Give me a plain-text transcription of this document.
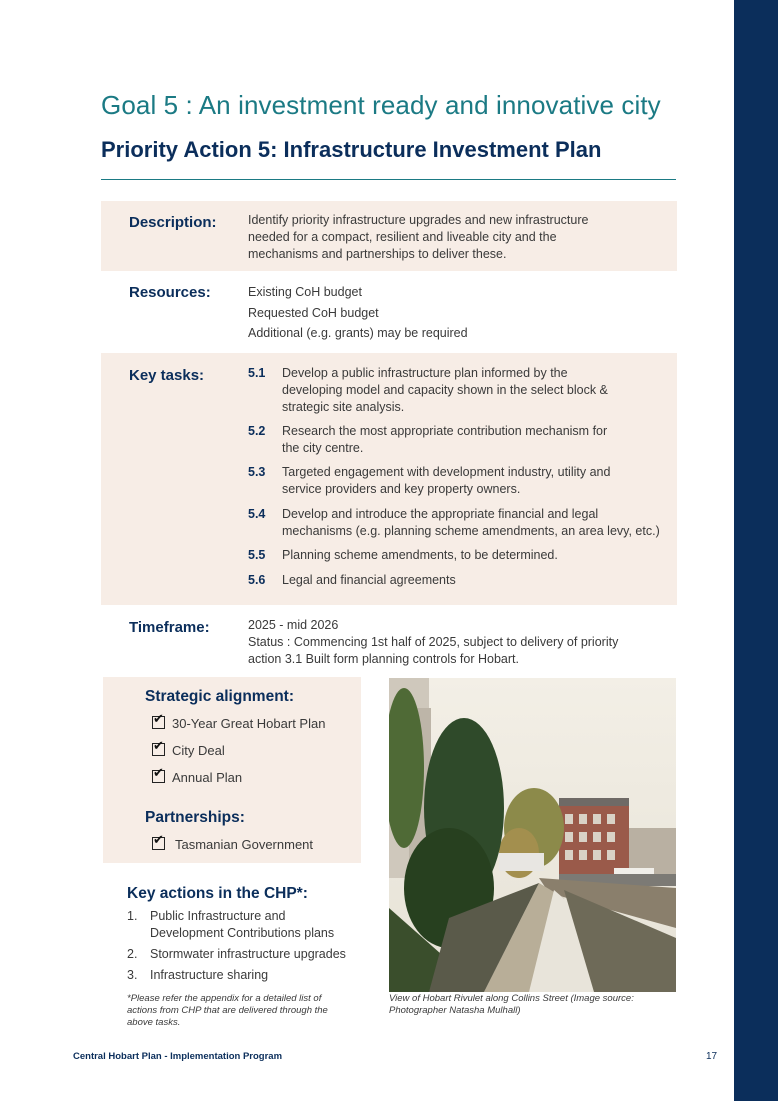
Goal 5 : An investment ready and innovative city
Priority Action 5: Infrastructure Investment Plan
Description:	Identify priority infrastructure upgrades and new infrastructure

needed for a compact, resilient and liveable city and the

mechanisms and partnerships to deliver these.

Resources:	Existing CoH budget

Requested CoH budget

Additional (e.g. grants) may be required

Key tasks:	5.1 Develop a public infrastructure plan informed by the

developing model and capacity shown in the select block &

strategic site analysis.

5.2 Research the most appropriate contribution mechanism for

the city centre.

5.3 Targeted engagement with development industry, utility and

service providers and key property owners.

5.4 Develop and introduce the appropriate financial and legal

mechanisms (e.g. planning scheme amendments, an area levy, etc.)

5.5 Planning scheme amendments, to be determined.

5.6 Legal and financial agreements

Timeframe:	2025 - mid 2026

Status : Commencing 1st half of 2025, subject to delivery of priority

action 3.1 Built form planning controls for Hobart.

Strategic alignment:
✔30-Year Great Hobart Plan
✔City Deal
✔Annual Plan
Partnerships:
✔Tasmanian Government
Key actions in the CHP*:
1. Public Infrastructure and

Development Contributions plans

2. Stormwater infrastructure upgrades

3. Infrastructure sharing

*Please refer the appendix for a detailed list of

actions from CHP that are delivered through the

above tasks.

View of Hobart Rivulet along Collins Street (Image source:

Photographer Natasha Mulhall)

Central Hobart Plan - Implementation Program	17
